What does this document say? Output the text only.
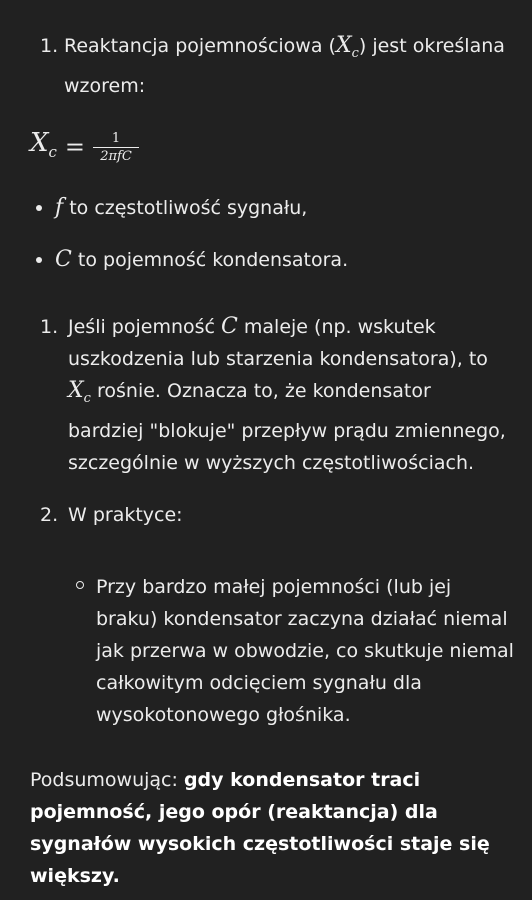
1. Reaktancja pojemnościowa $(X_c)$ jest określana wzorem:
$X_c = \frac{1}{\text{2πfC}}$
f to częstotliwość sygnału,
C to pojemność kondensatora.
1. Jeśli pojemność C maleje (np. wskutek uszkodzenia lub starzenia kondensatora), to $X_c$ rośnie. Oznacza to, że kondensator bardziej "blokuje" przepływ prądu zmiennego, szczególnie w wyższych częstotliwościach.
2. W praktyce:
Przy bardzo małej pojemności (lub jej braku) kondensator zaczyna działać niemal jak przerwa w obwodzie, co skutkuje niemal całkowitym odcięciem sygnału dla wysokotonowego głośnika.
Podsumowując: gdy kondensator traci pojemność, jego opór (reaktancja) dla sygnałów wysokich częstotliwości staje się większy.
